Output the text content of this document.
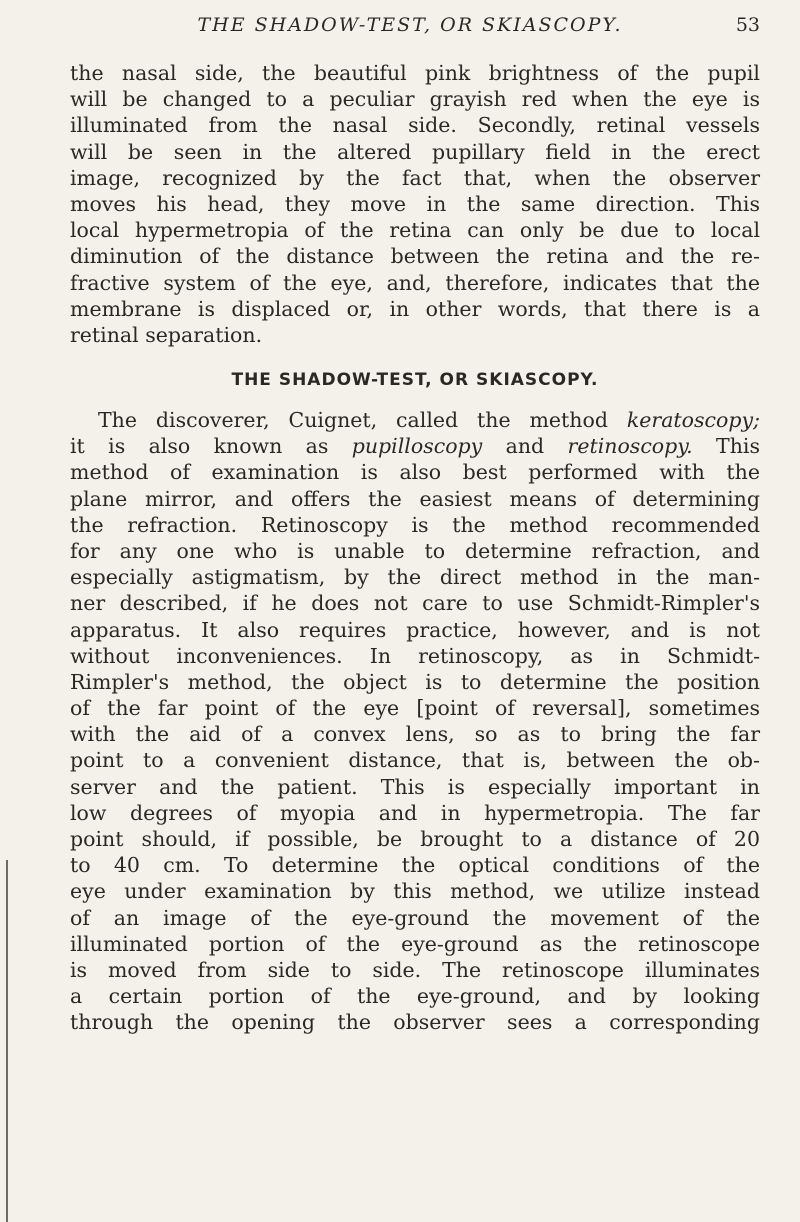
THE SHADOW-TEST, OR SKIASCOPY.	53
the nasal side, the beautiful pink brightness of the pupil
will be changed to a peculiar grayish red when the eye is
illuminated from the nasal side. Secondly, retinal vessels
will be seen in the altered pupillary field in the erect
image, recognized by the fact that, when the observer
moves his head, they move in the same direction. This
local hypermetropia of the retina can only be due to local
diminution of the distance between the retina and the re-
fractive system of the eye, and, therefore, indicates that the
membrane is displaced or, in other words, that there is a
retinal separation.
THE SHADOW-TEST, OR SKIASCOPY.
The discoverer, Cuignet, called the method keratoscopy;
it is also known as pupilloscopy and retinoscopy. This
method of examination is also best performed with the
plane mirror, and offers the easiest means of determining
the refraction. Retinoscopy is the method recommended
for any one who is unable to determine refraction, and
especially astigmatism, by the direct method in the man-
ner described, if he does not care to use Schmidt-Rimpler's
apparatus. It also requires practice, however, and is not
without inconveniences. In retinoscopy, as in Schmidt-
Rimpler's method, the object is to determine the position
of the far point of the eye [point of reversal], sometimes
with the aid of a convex lens, so as to bring the far
point to a convenient distance, that is, between the ob-
server and the patient. This is especially important in
low degrees of myopia and in hypermetropia. The far
point should, if possible, be brought to a distance of 20
to 40 cm. To determine the optical conditions of the
eye under examination by this method, we utilize instead
of an image of the eye-ground the movement of the
illuminated portion of the eye-ground as the retinoscope
is moved from side to side. The retinoscope illuminates
a certain portion of the eye-ground, and by looking
through the opening the observer sees a corresponding
